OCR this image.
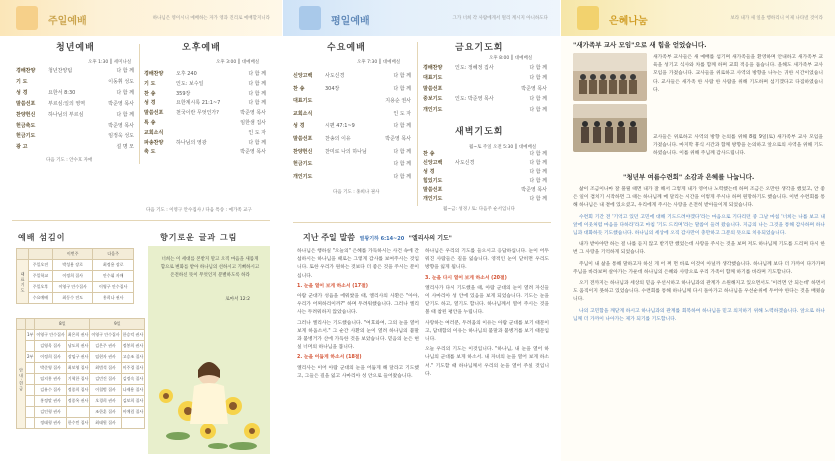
주일예배	하나님은 영이시니 예배하는 자가 영과 진리로 예배할지니라
청년예배
오후 1:30 ┃ 세미나실
경배찬양	청년찬양팀	다 함 께
기 도	이동휘 성도
성 경	요한서 8:30	다 함 께
말씀선포	부르심:일의 영역	박준영 목사
찬양헌신	하나님의 부르심	다 함 께
헌금축도	박준영 목사
헌금기도	임정욱 성도
광 고	설 명 모
다음 기도 : 안수호 자매
오후예배
오후 3:00 ┃ 대예배실
경배찬양	오후 240	다 함 께
기 도	인도: 보수일	다 함 께
찬 송	359장	다 함 께
성 경	요한계시록 21:1~7	다 함 께
말씀선포	천국이란 무엇인가?	박준영 목사
특 송	임한샘 집사
교회소식	인 도 자
파송찬양	하나님의 영광	다 함 께
축 도	박준영 목사
다음 기도 : 이영구 안수집사 / 다음 특송 : 예가족 교구
예배 섬김이
		이번주	다음주
대 표 기 도	주일오전	박성용 장로	최정용 장로
	주일학교	이정희 집사	안수휘 자매
	주일오후	이영구 안수집사	이영구 안수집사
	수요예배	최동수 전도	홍희나 권사
		8일		9일	
안 내 · 헌 금	1부	이영구 안수집사	최은희 권사	이영구 안수집사	한승덕 권사
		김영욱 집사	남도희 권사	김은주 권사	정봉희 권사
	2부	이정희 집사	장임구 권사	임현자 권사	고승조 집사
		박준영 집사	최보영 집사	최범석 집사	이주경 집사
		임지홍 권사	기혁한 집사	김민건 집사	김정숙 집사
		김유수 집사	정종희 집사	이철범 집사	나제용 집사
		홍정말 권사	정종옥 권사	오경희 권사	김보희 집사
		김인형 권사		조한훈 집사	이예림 집사
		정태형 권사	한수민 집사	최태원 집사	
향기로운 글과 그림
너희는 이 세대를 본받지 말고 오직 마음을 새롭게 함으로 변화를 받아 하나님의 선하시고 기뻐하시고 온전하신 뜻이 무엇인지 분별하도록 하라
로마서 12:2
평일예배	그가 너희 각 사람에게서 멀리 계시지 아니하도다
수요예배
오후 7:30 ┃ 대예배실
신앙고백	사도신경	다 함 께
찬 송	304장	다 함 께
대표기도	지용순 권사
교회소식	인 도 자
성 경	시편 47:1~9	다 함 께
말씀선포	찬송의 이유	박준영 목사
찬양헌신	찬미로 나의 하나님	다 함 께
헌금기도	다 함 께
개인기도	다 함 께
다음 기도 : 홍희나 권사
금요기도회
오후 8:00 ┃ 대예배실
경배찬양	인도: 정혜정 집사	다 함 께
대표기도	다 함 께
말씀선포	박준영 목사
중보기도	인도: 박준영 목사	다 함 께
개인기도	다 함 께
새벽기도회
월~토 주일 오전 5:30 ┃ 대예배실
찬 송	다 함 께
신앙고백	사도신경	다 함 께
성 경	다 함 께
힘있기도	다 함 께
말씀선포	박준영 목사
개인기도	다 함 께
월~금: 성경 / 토: 다음주 순서입니다
지난 주일 말씀 열왕기하 6:14~20 "엘리사의 기도"

하나님은 행하실 "오늘의" 은혜를 가득하시는 사건 속에 간섭하시는 하나님을 때로는 그렇게 감사를 보여주시는 것입니다. 또한 우리가 원하는 것보다 더 좋은 것을 주시는 분이십니다.

1. 눈을 열어 보게 하소서 (17절)

아람 군대가 성읍을 에워쌌을 때, 엘리사의 사환은 "아아, 우리가 어찌하리이까?" 하며 두려워했습니다. 그러나 엘리사는 두려워하지 않았습니다.

그러나 엘리사는 기도했습니다. "여호와여, 그의 눈을 열어 보게 하옵소서." 그 순간 사환의 눈이 열려 하나님의 불말과 불병거가 산에 가득한 것을 보았습니다. 믿음의 눈은 현실 너머의 하나님을 봅니다.

2. 눈을 어둡게 하소서 (18절)

엘리사는 이어 아람 군대의 눈을 어둡게 해 달라고 기도했고, 그들은 길을 잃고 사마리아 성 안으로 들어왔습니다.

하나님은 우리의 기도를 들으시고 응답하십니다. 눈이 어두워진 사람들은 길을 잃습니다. 영적인 눈이 닫히면 우리도 방향을 잃게 됩니다.

3. 눈을 다시 열어 보게 하소서 (20절)

엘리사가 다시 기도했을 때, 아람 군대의 눈이 열려 자신들이 사마리아 성 안에 있음을 보게 되었습니다. 기도는 눈을 닫기도 하고, 열기도 합니다. 하나님께서 열어 주시는 것을 볼 때 참된 평안을 누립니다.

사랑하는 여러분, 두려움의 이유는 아람 군대를 보기 때문이고, 담대함의 이유는 하나님의 불말과 불병거를 보기 때문입니다.

오늘 우리의 기도는 이것입니다. "하나님, 내 눈을 열어 하나님의 군대를 보게 하소서. 내 자녀의 눈을 열어 보게 하소서." 기도할 때 하나님께서 우리의 눈을 열어 주실 것입니다.

은혜나눔	보라 내가 새 일을 행하리니 이제 나타낼 것이라
"새가족부 교사 모임"으로 새 힘을 얻었습니다.
새가족부 교사들은 새 예배를 섬기며 새가족들을 환영하며 안내하고 새가족부 교육을 성기고 식사와 차를 함께 하며 교회 적응을 돕습니다. 올해도 새가족부 교사 모임을 가졌습니다. 교사들을 위로하고 사역의 방향을 나누는 귀한 시간이었습니다. 교사들은 새가족 한 사람 한 사람을 위해 기도하며 섬기겠다고 다짐하였습니다.
교사들은 위로하고 사역의 방향 논의를 위해 8월 9일(토) 새가족부 교사 모임을 가졌습니다. 마지막 휴식 시간과 함께 방향을 논의하고 앞으로의 사역을 위해 기도하였습니다. 이를 위해 주님께 감사드립니다.
"청년부 여름수련회" 소감과 은혜를 나눕니다.

삶이 조금이나마 잘 풀릴 때면 내가 잘 해서 그렇게 내가 영어나 노력했는데 하며 조금은 오만한 생각을 했었고, 안 좋은 일이 겹치기 시작하면 그 때는 하나님께 매 달리는 시간을 이렇게 주시나 하며 원망하기도 했습니다. 이번 수련회를 통해 하나님은 내 곁에 있으셨고, 우리에게 주시는 사랑을 온전히 받아들이게 되었습니다.

수련회 기간 전 '기억고 있던 고민에 대해 기도드려야겠다'라는 마음으로 기다리던 중 그날 마침 '너희는 나를 보고 내 앞에 이웃처럼 마음을 다하라'라고 마침 '기도 드리며'라는 말씀이 들려 왔습니다. 지금의 나는 그것을 통해 감사하며 하나님과 대화하듯 기도했습니다. 하나님의 세상에 오직 감사만이 충만하고 그분의 뜻으로 치유되었습니다.

내가 받아야만 하는 걸 나를 듣지 않고 받기만 했었는데 사랑을 주시는 것을 보며 저도 하나님께 기도를 드리며 다시 한 번 그 사랑을 기억하게 되었습니다.

주님이 내 삶을 통해 말하고자 하신 게 어 쩌 면 바로 이것이 아닐까 생각했습니다. 하나님께 보다 더 가까이 다가가며 주님을 바라보며 살아가는 가운데 하나님의 은혜와 사랑으로 우리 가족이 함께 하기를 바라며 기도합니다.

오기 전까지는 하나님과 세상의 믿음 우선시하고 하나님과의 관계가 소원해지고 있으면서도 '이러면 안 되는데' 하면서도 움직이지 못하고 있었습니다. 수련회를 통해 하나님께 다시 돌아가고 하나님을 우선순위에 두어야 한다는 것을 배웠습니다.

나의 고민함을 깨닫게 하시고 하나님과의 관계를 회복하여 하나님을 믿고 의지하기 위해 노력하겠습니다. 앞으로 하나님께 더 가까이 나아가는 제가 되기를 기도합니다.
